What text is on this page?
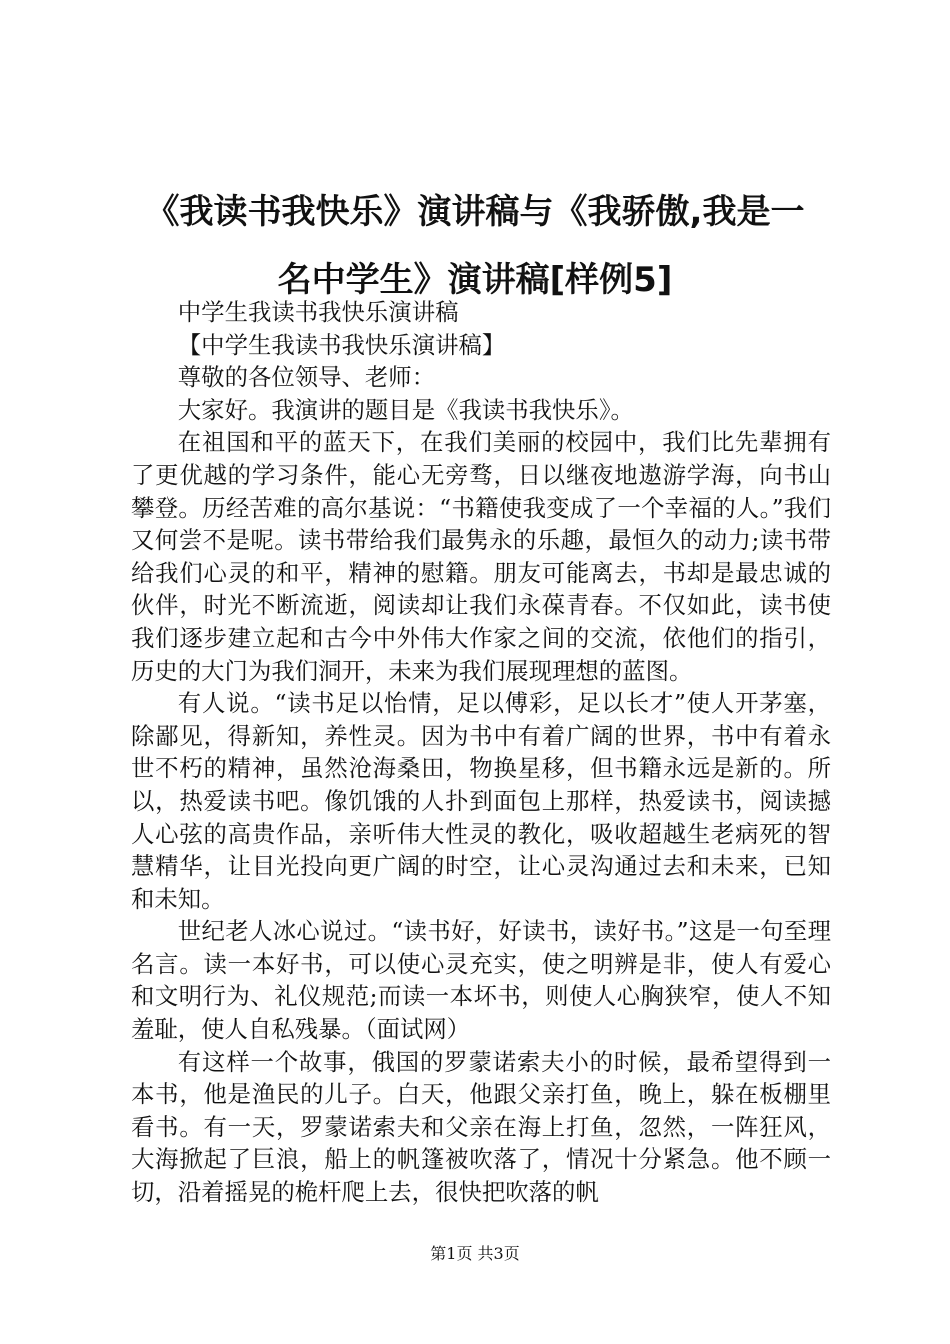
《我读书我快乐》演讲稿与《我骄傲,我是一
名中学生》演讲稿[样例5]

中学生我读书我快乐演讲稿

【中学生我读书我快乐演讲稿】

尊敬的各位领导、老师：

大家好。我演讲的题目是《我读书我快乐》。

在祖国和平的蓝天下，在我们美丽的校园中，我们比先辈拥有了更优越的学习条件，能心无旁骛，日以继夜地遨游学海，向书山攀登。历经苦难的高尔基说：“书籍使我变成了一个幸福的人。”我们又何尝不是呢。读书带给我们最隽永的乐趣，最恒久的动力;读书带给我们心灵的和平，精神的慰籍。朋友可能离去，书却是最忠诚的伙伴，时光不断流逝，阅读却让我们永葆青春。不仅如此，读书使我们逐步建立起和古今中外伟大作家之间的交流，依他们的指引，历史的大门为我们洞开，未来为我们展现理想的蓝图。

有人说。“读书足以怡情，足以傅彩，足以长才”使人开茅塞，除鄙见，得新知，养性灵。因为书中有着广阔的世界，书中有着永世不朽的精神，虽然沧海桑田，物换星移，但书籍永远是新的。所以，热爱读书吧。像饥饿的人扑到面包上那样，热爱读书，阅读撼人心弦的高贵作品，亲听伟大性灵的教化，吸收超越生老病死的智慧精华，让目光投向更广阔的时空，让心灵沟通过去和未来，已知和未知。

世纪老人冰心说过。“读书好，好读书，读好书。”这是一句至理名言。读一本好书，可以使心灵充实，使之明辨是非，使人有爱心和文明行为、礼仪规范;而读一本坏书，则使人心胸狭窄，使人不知羞耻，使人自私残暴。（面试网）

有这样一个故事，俄国的罗蒙诺索夫小的时候，最希望得到一本书，他是渔民的儿子。白天，他跟父亲打鱼，晚上，躲在板棚里看书。有一天，罗蒙诺索夫和父亲在海上打鱼，忽然，一阵狂风，大海掀起了巨浪，船上的帆篷被吹落了，情况十分紧急。他不顾一切，沿着摇晃的桅杆爬上去，很快把吹落的帆

第1页 共3页
